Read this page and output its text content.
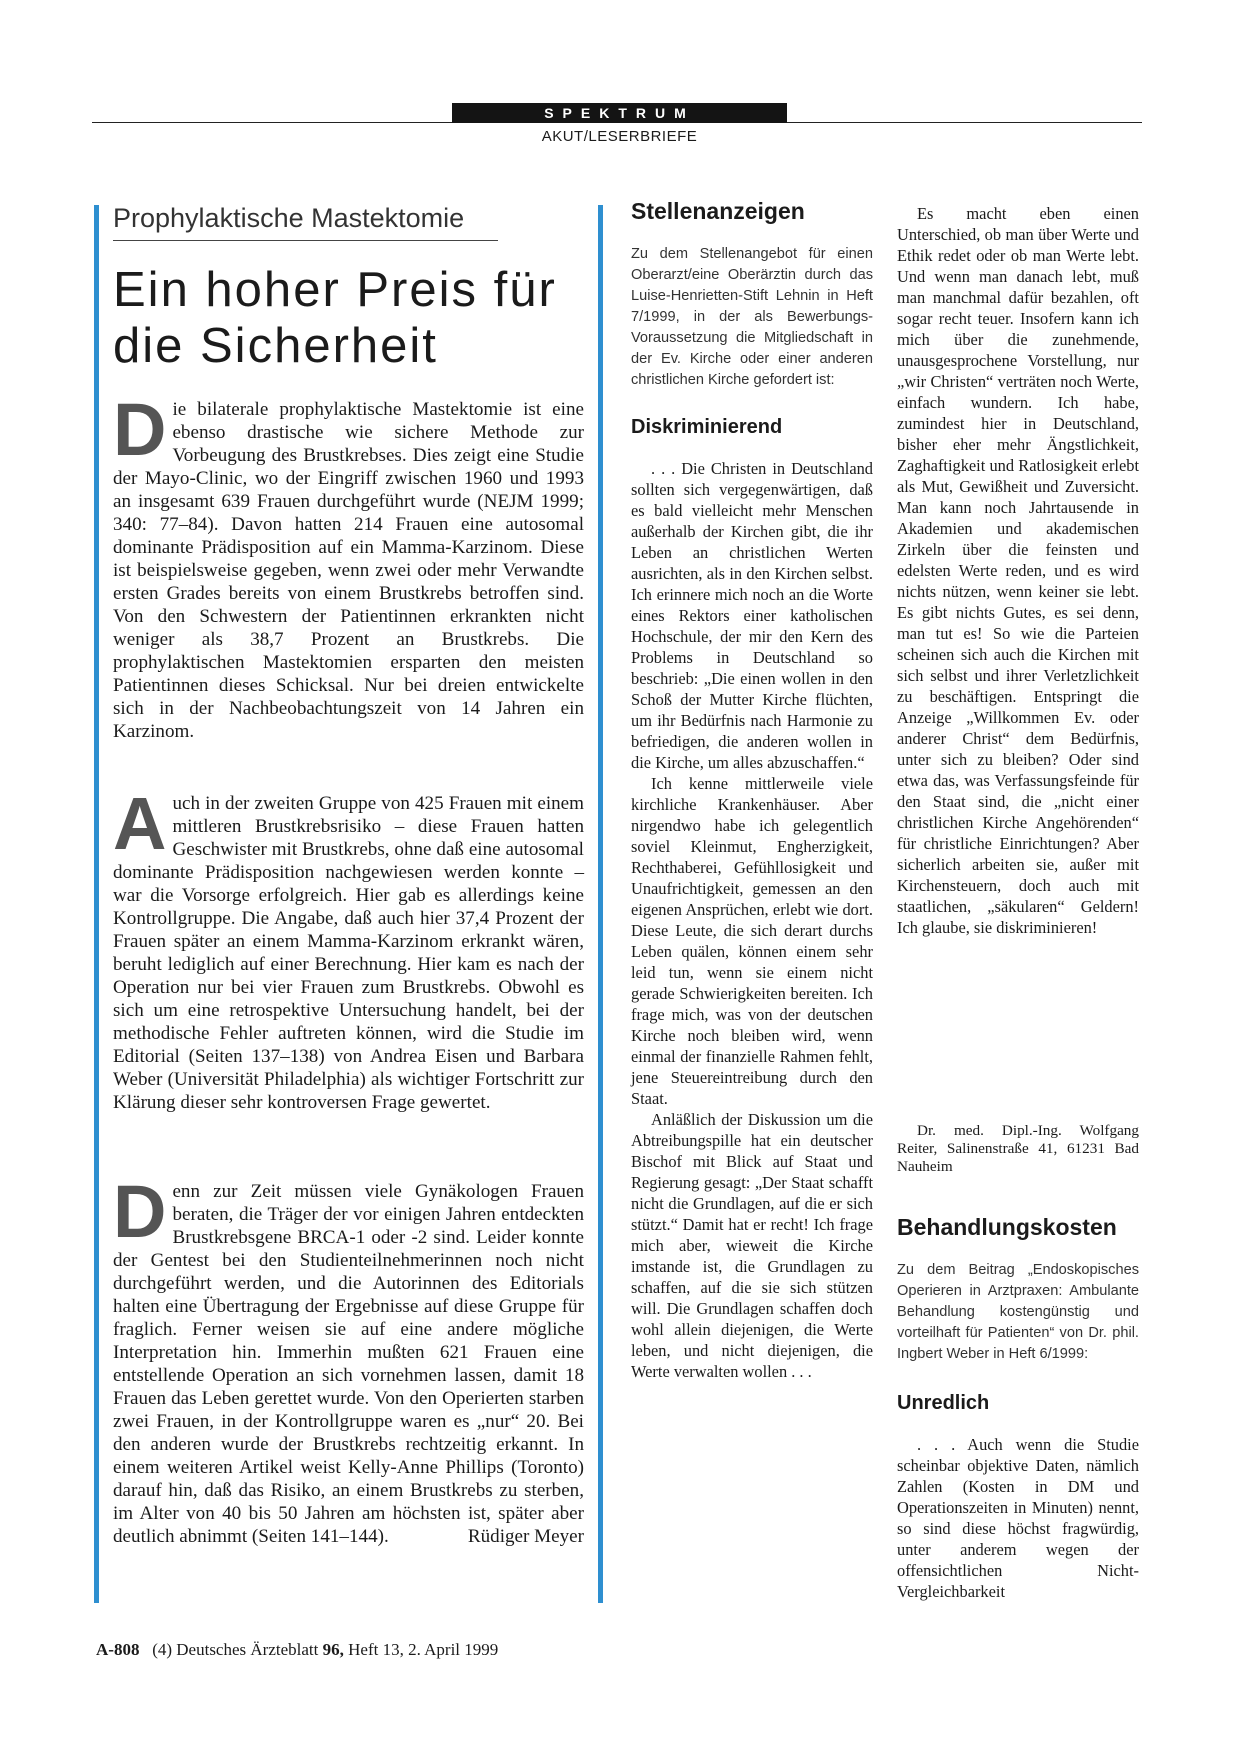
SPEKTRUM
AKUT/LESERBRIEFE
Prophylaktische Mastektomie
Ein hoher Preis für
die Sicherheit
D ie bilaterale prophylaktische Mastektomie ist eine ebenso drastische wie sichere Methode zur Vorbeugung des Brustkrebses. Dies zeigt eine Studie der Mayo-Clinic, wo der Eingriff zwischen 1960 und 1993 an insgesamt 639 Frauen durchgeführt wurde (NEJM 1999; 340: 77–84). Davon hatten 214 Frauen eine autosomal dominante Prädisposition auf ein Mamma-Karzinom. Diese ist beispielsweise gegeben, wenn zwei oder mehr Verwandte ersten Grades bereits von einem Brustkrebs betroffen sind. Von den Schwestern der Patientinnen erkrankten nicht weniger als 38,7 Prozent an Brustkrebs. Die prophylaktischen Mastektomien ersparten den meisten Patientinnen dieses Schicksal. Nur bei dreien entwickelte sich in der Nachbeobachtungszeit von 14 Jahren ein Karzinom.
A uch in der zweiten Gruppe von 425 Frauen mit einem mittleren Brustkrebsrisiko – diese Frauen hatten Geschwister mit Brustkrebs, ohne daß eine autosomal dominante Prädisposition nachgewiesen werden konnte – war die Vorsorge erfolgreich. Hier gab es allerdings keine Kontrollgruppe. Die Angabe, daß auch hier 37,4 Prozent der Frauen später an einem Mamma-Karzinom erkrankt wären, beruht lediglich auf einer Berechnung. Hier kam es nach der Operation nur bei vier Frauen zum Brustkrebs. Obwohl es sich um eine retrospektive Untersuchung handelt, bei der methodische Fehler auftreten können, wird die Studie im Editorial (Seiten 137–138) von Andrea Eisen und Barbara Weber (Universität Philadelphia) als wichtiger Fortschritt zur Klärung dieser sehr kontroversen Frage gewertet.
D enn zur Zeit müssen viele Gynäkologen Frauen beraten, die Träger der vor einigen Jahren entdeckten Brustkrebsgene BRCA-1 oder -2 sind. Leider konnte der Gentest bei den Studienteilnehmerinnen noch nicht durchgeführt werden, und die Autorinnen des Editorials halten eine Übertragung der Ergebnisse auf diese Gruppe für fraglich. Ferner weisen sie auf eine andere mögliche Interpretation hin. Immerhin mußten 621 Frauen eine entstellende Operation an sich vornehmen lassen, damit 18 Frauen das Leben gerettet wurde. Von den Operierten starben zwei Frauen, in der Kontrollgruppe waren es „nur“ 20. Bei den anderen wurde der Brustkrebs rechtzeitig erkannt. In einem weiteren Artikel weist Kelly-Anne Phillips (Toronto) darauf hin, daß das Risiko, an einem Brustkrebs zu sterben, im Alter von 40 bis 50 Jahren am höchsten ist, später aber deutlich abnimmt (Seiten 141–144).	Rüdiger Meyer
Stellenanzeigen
Zu dem Stellenangebot für einen Oberarzt/eine Oberärztin durch das Luise-Henrietten-Stift Lehnin in Heft 7/1999, in der als Bewerbungs-Voraussetzung die Mitgliedschaft in der Ev. Kirche oder einer anderen christlichen Kirche gefordert ist:
Diskriminierend

. . . Die Christen in Deutschland sollten sich vergegenwärtigen, daß es bald vielleicht mehr Menschen außerhalb der Kirchen gibt, die ihr Leben an christlichen Werten ausrichten, als in den Kirchen selbst. Ich erinnere mich noch an die Worte eines Rektors einer katholischen Hochschule, der mir den Kern des Problems in Deutschland so beschrieb: „Die einen wollen in den Schoß der Mutter Kirche flüchten, um ihr Bedürfnis nach Harmonie zu befriedigen, die anderen wollen in die Kirche, um alles abzuschaffen.“

Ich kenne mittlerweile viele kirchliche Krankenhäuser. Aber nirgendwo habe ich gelegentlich soviel Kleinmut, Engherzigkeit, Rechthaberei, Gefühllosigkeit und Unaufrichtigkeit, gemessen an den eigenen Ansprüchen, erlebt wie dort. Diese Leute, die sich derart durchs Leben quälen, können einem sehr leid tun, wenn sie einem nicht gerade Schwierigkeiten bereiten. Ich frage mich, was von der deutschen Kirche noch bleiben wird, wenn einmal der finanzielle Rahmen fehlt, jene Steuereintreibung durch den Staat.

Anläßlich der Diskussion um die Abtreibungspille hat ein deutscher Bischof mit Blick auf Staat und Regierung gesagt: „Der Staat schafft nicht die Grundlagen, auf die er sich stützt.“ Damit hat er recht! Ich frage mich aber, wieweit die Kirche imstande ist, die Grundlagen zu schaffen, auf die sie sich stützen will. Die Grundlagen schaffen doch wohl allein diejenigen, die Werte leben, und nicht diejenigen, die Werte verwalten wollen . . .

Es macht eben einen Unterschied, ob man über Werte und Ethik redet oder ob man Werte lebt. Und wenn man danach lebt, muß man manchmal dafür bezahlen, oft sogar recht teuer. Insofern kann ich mich über die zunehmende, unausgesprochene Vorstellung, nur „wir Christen“ verträten noch Werte, einfach wundern. Ich habe, zumindest hier in Deutschland, bisher eher mehr Ängstlichkeit, Zaghaftigkeit und Ratlosigkeit erlebt als Mut, Gewißheit und Zuversicht. Man kann noch Jahrtausende in Akademien und akademischen Zirkeln über die feinsten und edelsten Werte reden, und es wird nichts nützen, wenn keiner sie lebt. Es gibt nichts Gutes, es sei denn, man tut es! So wie die Parteien scheinen sich auch die Kirchen mit sich selbst und ihrer Verletzlichkeit zu beschäftigen. Entspringt die Anzeige „Willkommen Ev. oder anderer Christ“ dem Bedürfnis, unter sich zu bleiben? Oder sind etwa das, was Verfassungsfeinde für den Staat sind, die „nicht einer christlichen Kirche Angehörenden“ für christliche Einrichtungen? Aber sicherlich arbeiten sie, außer mit Kirchensteuern, doch auch mit staatlichen, „säkularen“ Geldern! Ich glaube, sie diskriminieren!

Dr. med. Dipl.-Ing. Wolfgang Reiter, Salinenstraße 41, 61231 Bad Nauheim
Behandlungskosten
Zu dem Beitrag „Endoskopisches Operieren in Arztpraxen: Ambulante Behandlung kostengünstig und vorteilhaft für Patienten“ von Dr. phil. Ingbert Weber in Heft 6/1999:
Unredlich

. . . Auch wenn die Studie scheinbar objektive Daten, nämlich Zahlen (Kosten in DM und Operationszeiten in Minuten) nennt, so sind diese höchst fragwürdig, unter anderem wegen der offensichtlichen Nicht-Vergleichbarkeit

A-808 (4) Deutsches Ärzteblatt 96, Heft 13, 2. April 1999
